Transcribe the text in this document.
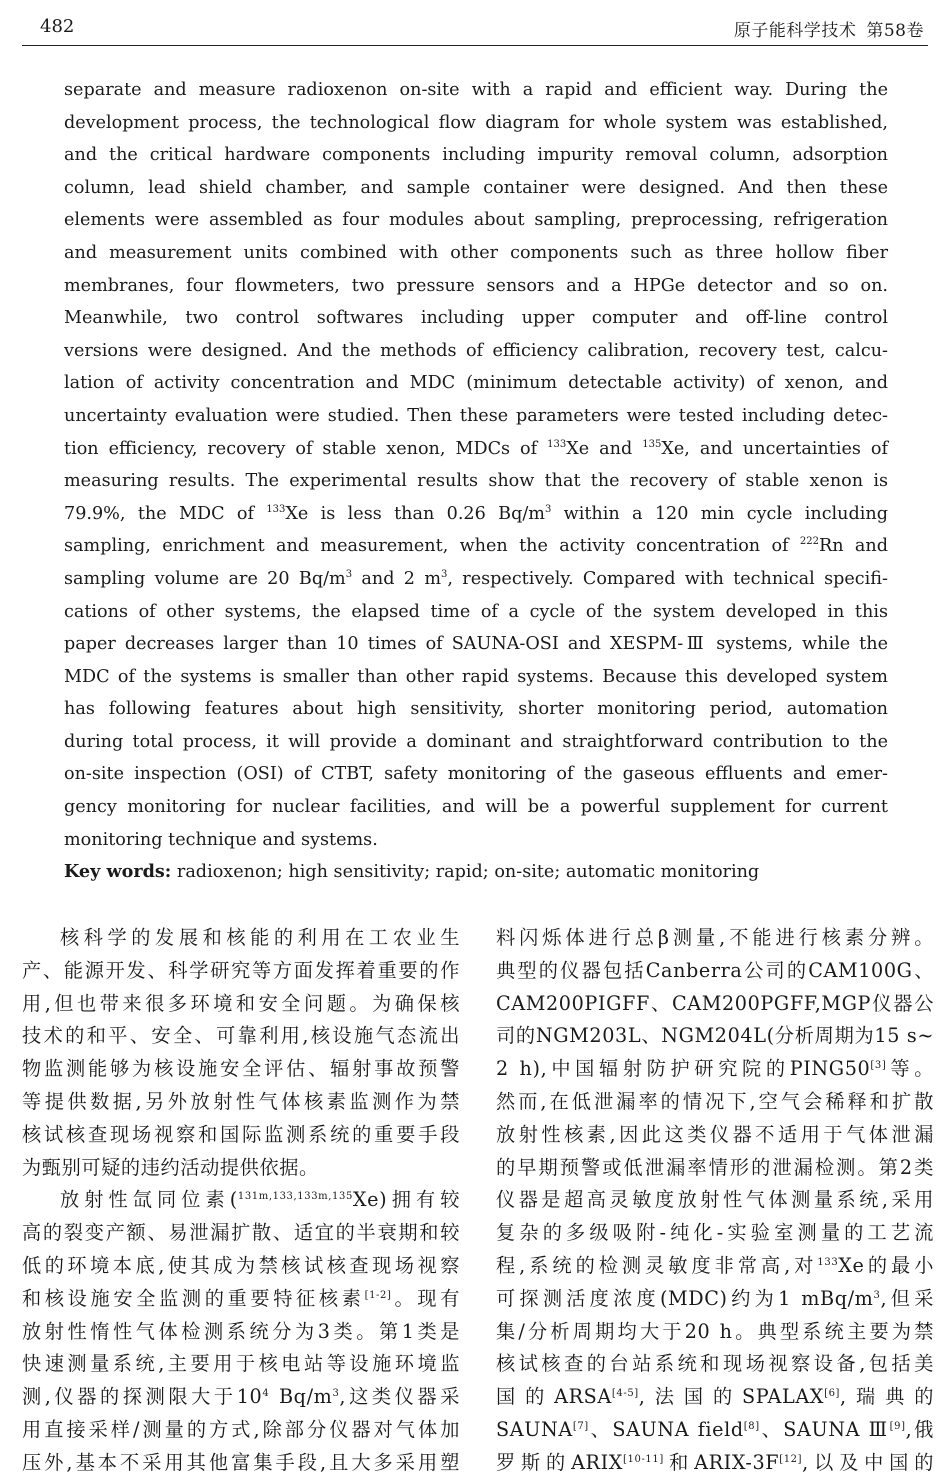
482	原子能科学技术 第58卷
separate and measure radioxenon on-site with a rapid and efficient way. During the
development process, the technological flow diagram for whole system was established,
and the critical hardware components including impurity removal column, adsorption
column, lead shield chamber, and sample container were designed. And then these
elements were assembled as four modules about sampling, preprocessing, refrigeration
and measurement units combined with other components such as three hollow fiber
membranes, four flowmeters, two pressure sensors and a HPGe detector and so on.
Meanwhile, two control softwares including upper computer and off-line control
versions were designed. And the methods of efficiency calibration, recovery test, calcu-
lation of activity concentration and MDC (minimum detectable activity) of xenon, and
uncertainty evaluation were studied. Then these parameters were tested including detec-
tion efficiency, recovery of stable xenon, MDCs of $^{133}$Xe and $^{135}$Xe, and uncertainties of
measuring results. The experimental results show that the recovery of stable xenon is
79.9%, the MDC of $^{133}$Xe is less than 0.26 $Bq/m^3$ within a 120 min cycle including
sampling, enrichment and measurement, when the activity concentration of $^{222}$Rn and
sampling volume are 20 $Bq/m^3$ and 2 $m^3$, respectively. Compared with technical specifi-
cations of other systems, the elapsed time of a cycle of the system developed in this
paper decreases larger than 10 times of SAUNA-OSI and XESPM-Ⅲ systems, while the
MDC of the systems is smaller than other rapid systems. Because this developed system
has following features about high sensitivity, shorter monitoring period, automation
during total process, it will provide a dominant and straightforward contribution to the
on-site inspection (OSI) of CTBT, safety monitoring of the gaseous effluents and emer-
gency monitoring for nuclear facilities, and will be a powerful supplement for current
monitoring technique and systems.
Key words: radioxenon; high sensitivity; rapid; on-site; automatic monitoring
核科学的发展和核能的利用在工农业生
产、能源开发、科学研究等方面发挥着重要的作
用,但也带来很多环境和安全问题。为确保核
技术的和平、安全、可靠利用,核设施气态流出
物监测能够为核设施安全评估、辐射事故预警
等提供数据,另外放射性气体核素监测作为禁
核试核查现场视察和国际监测系统的重要手段
为甄别可疑的违约活动提供依据。
放射性氙同位素($^{131m,133,133m,135}$Xe)拥有较
高的裂变产额、易泄漏扩散、适宜的半衰期和较
低的环境本底,使其成为禁核试核查现场视察
和核设施安全监测的重要特征核素[1-2]。现有
放射性惰性气体检测系统分为3类。第1类是
快速测量系统,主要用于核电站等设施环境监
测,仪器的探测限大于$10^4$ $Bq/m^3$,这类仪器采
用直接采样/测量的方式,除部分仪器对气体加
压外,基本不采用其他富集手段,且大多采用塑
料闪烁体进行总β测量,不能进行核素分辨。
典型的仪器包括Canberra公司的CAM100G、
CAM200PIGFF、CAM200PGFF,MGP仪器公
司的NGM203L、NGM204L(分析周期为15 s~
2 h),中国辐射防护研究院的PING50[3]等。
然而,在低泄漏率的情况下,空气会稀释和扩散
放射性核素,因此这类仪器不适用于气体泄漏
的早期预警或低泄漏率情形的泄漏检测。第2类
仪器是超高灵敏度放射性气体测量系统,采用
复杂的多级吸附-纯化-实验室测量的工艺流
程,系统的检测灵敏度非常高,对$^{133}$Xe的最小
可探测活度浓度(MDC)约为1 mBq/$m^3$,但采
集/分析周期均大于20 h。典型系统主要为禁
核试核查的台站系统和现场视察设备,包括美
国的ARSA[4-5],法国的SPALAX[6],瑞典的
SAUNA[7]、SAUNA field[8]、SAUNA Ⅲ[9],俄
罗斯的ARIX[10-11]和ARIX-3F[12],以及中国的
